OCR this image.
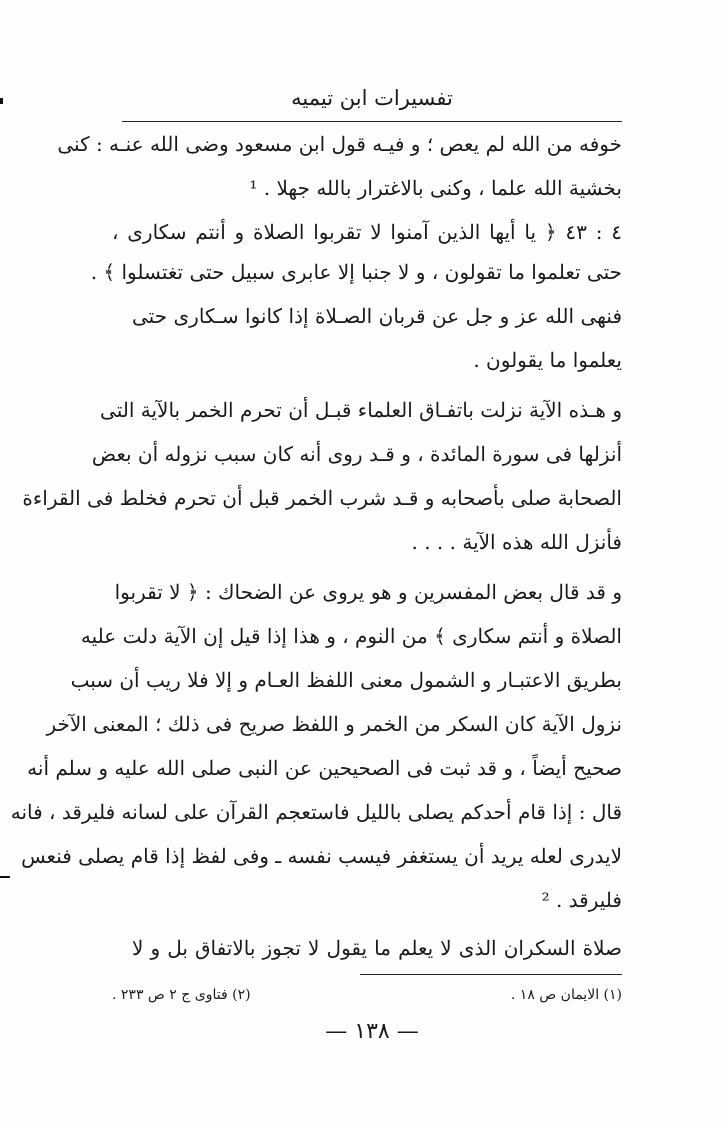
تفسيرات ابن تيميه
خوفه من الله لم يعص ؛ و فيـه قول ابن مسعود وضى الله عنـه : كنى
بخشية الله علما ، وكنى بالاغترار بالله جهلا . ¹
٤ : ٤٣ ﴿ يا أيها الذين آمنوا لا تقربوا الصلاة و أنتم سكارى ،
حتى تعلموا ما تقولون ، و لا جنبا إلا عابرى سبيل حتى تغتسلوا ﴾ .
فنهى الله عز و جل عن قربان الصـلاة إذا كانوا سـكارى حتى
يعلموا ما يقولون .
و هـذه الآية نزلت باتفـاق العلماء قبـل أن تحرم الخمر بالآية التى
أنزلها فى سورة المائدة ، و قـد روى أنه كان سبب نزوله أن بعض
الصحابة صلى بأصحابه و قـد شرب الخمر قبل أن تحرم فخلط فى القراءة
فأنزل الله هذه الآية . . . .
و قد قال بعض المفسرين و هو يروى عن الضحاك : ﴿ لا تقربوا
الصلاة و أنتم سكارى ﴾ من النوم ، و هذا إذا قيل إن الآية دلت عليه
بطريق الاعتبـار و الشمول معنى اللفظ العـام و إلا فلا ريب أن سبب
نزول الآية كان السكر من الخمر و اللفظ صريح فى ذلك ؛ المعنى الآخر
صحيح أيضاً ، و قد ثبت فى الصحيحين عن النبى صلى الله عليه و سلم أنه
قال : إذا قام أحدكم يصلى بالليل فاستعجم القرآن على لسانه فليرقد ، فانه
لايدرى لعله يريد أن يستغفر فيسب نفسه ـ وفى لفظ إذا قام يصلى فنعس
فليرقد . ²
صلاة السكران الذى لا يعلم ما يقول لا تجوز بالاتفاق بل و لا
(١) الايمان ص ١٨ .
(٢) فتاوى ج ٢ ص ٢٣٣ .
— ١٣٨ —
